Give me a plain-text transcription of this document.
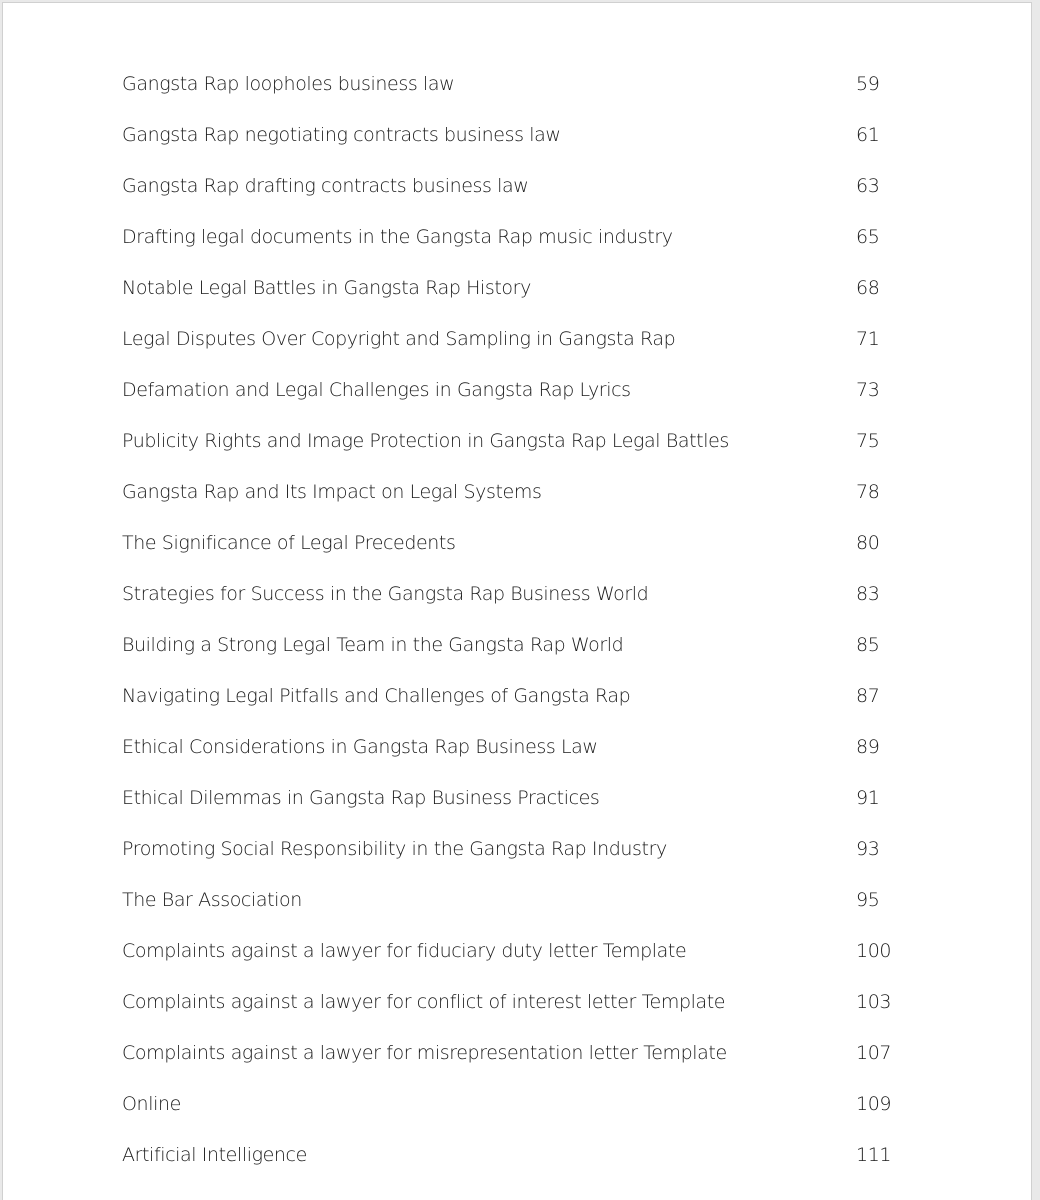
Gangsta Rap loopholes business law	59
Gangsta Rap negotiating contracts business law	61
Gangsta Rap drafting contracts business law	63
Drafting legal documents in the Gangsta Rap music industry	65
Notable Legal Battles in Gangsta Rap History	68
Legal Disputes Over Copyright and Sampling in Gangsta Rap	71
Defamation and Legal Challenges in Gangsta Rap Lyrics	73
Publicity Rights and Image Protection in Gangsta Rap Legal Battles	75
Gangsta Rap and Its Impact on Legal Systems	78
The Significance of Legal Precedents	80
Strategies for Success in the Gangsta Rap Business World	83
Building a Strong Legal Team in the Gangsta Rap World	85
Navigating Legal Pitfalls and Challenges of Gangsta Rap	87
Ethical Considerations in Gangsta Rap Business Law	89
Ethical Dilemmas in Gangsta Rap Business Practices	91
Promoting Social Responsibility in the Gangsta Rap Industry	93
The Bar Association	95
Complaints against a lawyer for fiduciary duty letter Template	100
Complaints against a lawyer for conflict of interest letter Template	103
Complaints against a lawyer for misrepresentation letter Template	107
Online	109
Artificial Intelligence	111
